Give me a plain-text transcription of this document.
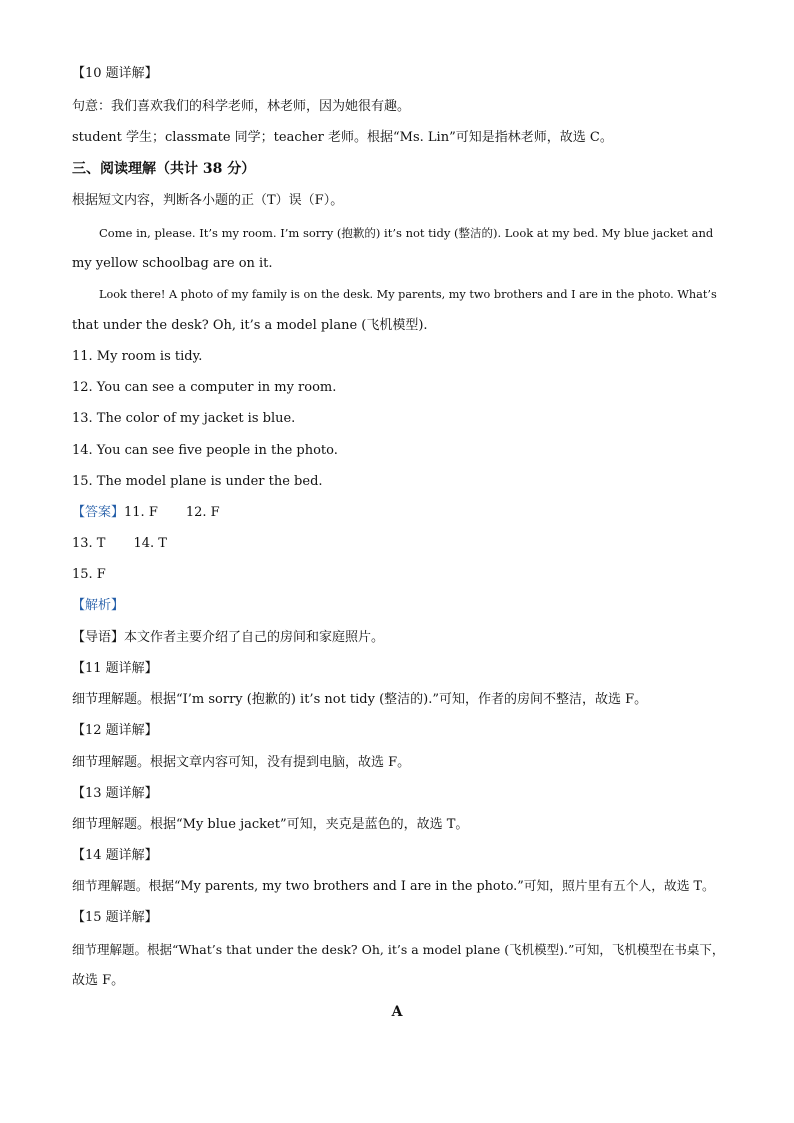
【10 题详解】
句意：我们喜欢我们的科学老师，林老师，因为她很有趣。
student 学生；classmate 同学；teacher 老师。根据“Ms. Lin”可知是指林老师，故选 C。
三、阅读理解（共计 38 分）
根据短文内容，判断各小题的正（T）误（F）。
Come in, please. It’s my room. I’m sorry (抱歉的) it’s not tidy (整洁的). Look at my bed. My blue jacket and
my yellow schoolbag are on it.
Look there! A photo of my family is on the desk. My parents, my two brothers and I are in the photo. What’s
that under the desk? Oh, it’s a model plane (飞机模型).
11. My room is tidy.
12. You can see a computer in my room.
13. The color of my jacket is blue.
14. You can see five people in the photo.
15. The model plane is under the bed.
【答案】11. F 12. F
13. T 14. T
15. F
【解析】
【导语】本文作者主要介绍了自己的房间和家庭照片。
【11 题详解】
细节理解题。根据“I’m sorry (抱歉的) it’s not tidy (整洁的).”可知，作者的房间不整洁，故选 F。
【12 题详解】
细节理解题。根据文章内容可知，没有提到电脑，故选 F。
【13 题详解】
细节理解题。根据“My blue jacket”可知，夹克是蓝色的，故选 T。
【14 题详解】
细节理解题。根据“My parents, my two brothers and I are in the photo.”可知，照片里有五个人，故选 T。
【15 题详解】
细节理解题。根据“What’s that under the desk? Oh, it’s a model plane (飞机模型).”可知，飞机模型在书桌下，
故选 F。
A
